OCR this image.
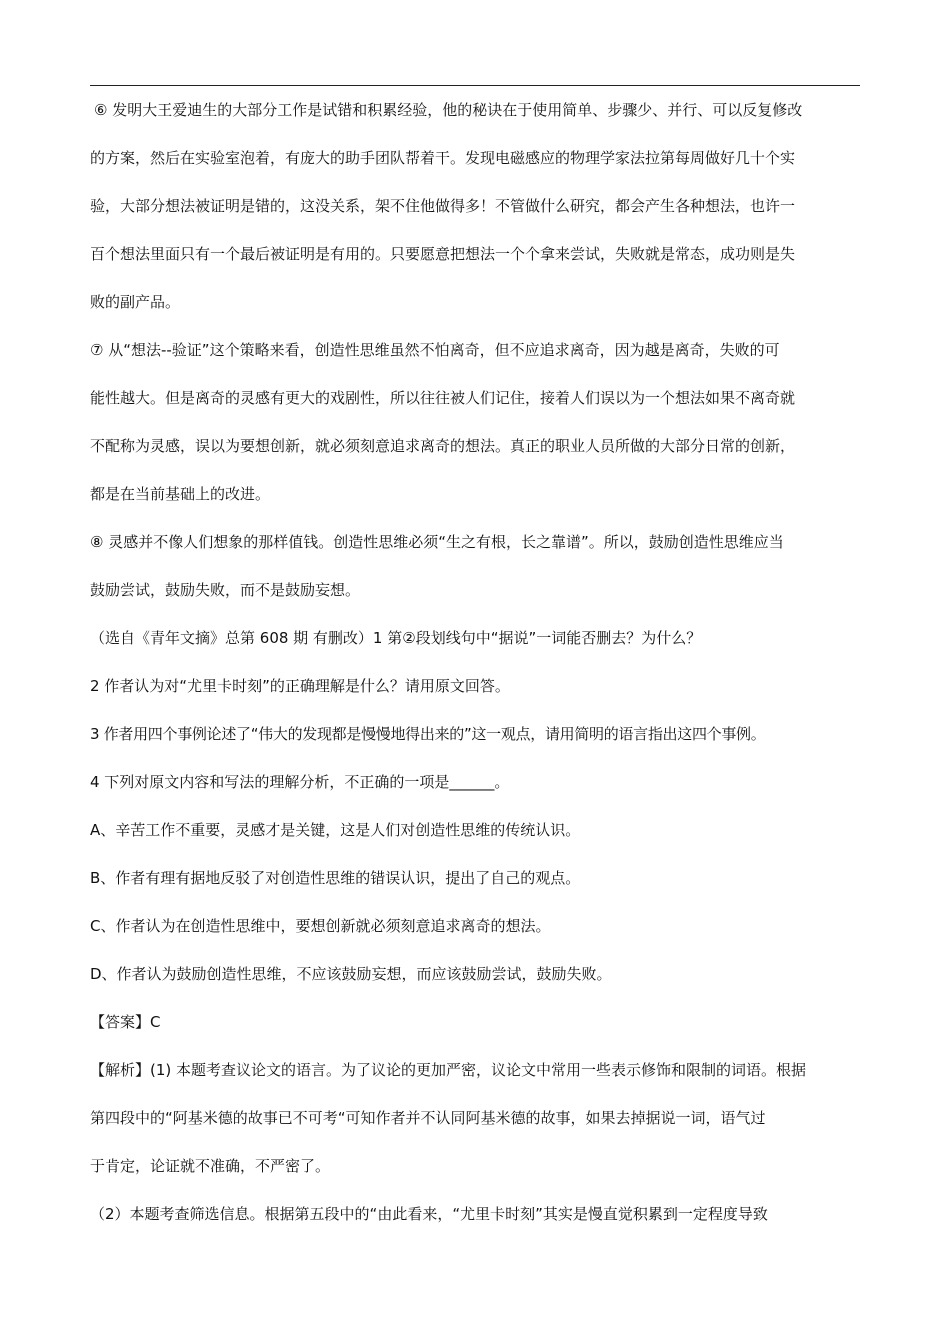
⑥ 发明大王爱迪生的大部分工作是试错和积累经验，他的秘诀在于使用简单、步骤少、并行、可以反复修改
的方案，然后在实验室泡着，有庞大的助手团队帮着干。发现电磁感应的物理学家法拉第每周做好几十个实
验，大部分想法被证明是错的，这没关系，架不住他做得多！不管做什么研究，都会产生各种想法，也许一
百个想法里面只有一个最后被证明是有用的。只要愿意把想法一个个拿来尝试，失败就是常态，成功则是失
败的副产品。
⑦ 从“想法--验证”这个策略来看，创造性思维虽然不怕离奇，但不应追求离奇，因为越是离奇，失败的可
能性越大。但是离奇的灵感有更大的戏剧性，所以往往被人们记住，接着人们误以为一个想法如果不离奇就
不配称为灵感，误以为要想创新，就必须刻意追求离奇的想法。真正的职业人员所做的大部分日常的创新，
都是在当前基础上的改进。
⑧ 灵感并不像人们想象的那样值钱。创造性思维必须“生之有根，长之靠谱”。所以，鼓励创造性思维应当
鼓励尝试，鼓励失败，而不是鼓励妄想。
（选自《青年文摘》总第 608 期 有删改）1 第②段划线句中“据说”一词能否删去？为什么？
2 作者认为对“尤里卡时刻”的正确理解是什么？请用原文回答。
3 作者用四个事例论述了“伟大的发现都是慢慢地得出来的”这一观点，请用简明的语言指出这四个事例。
4 下列对原文内容和写法的理解分析，不正确的一项是______。
A、辛苦工作不重要，灵感才是关键，这是人们对创造性思维的传统认识。
B、作者有理有据地反驳了对创造性思维的错误认识，提出了自己的观点。
C、作者认为在创造性思维中，要想创新就必须刻意追求离奇的想法。
D、作者认为鼓励创造性思维，不应该鼓励妄想，而应该鼓励尝试，鼓励失败。
【答案】C
【解析】(1) 本题考查议论文的语言。为了议论的更加严密，议论文中常用一些表示修饰和限制的词语。根据
第四段中的“阿基米德的故事已不可考“可知作者并不认同阿基米德的故事，如果去掉据说一词，语气过
于肯定，论证就不准确，不严密了。
（2）本题考查筛选信息。根据第五段中的“由此看来，“尤里卡时刻”其实是慢直觉积累到一定程度导致
